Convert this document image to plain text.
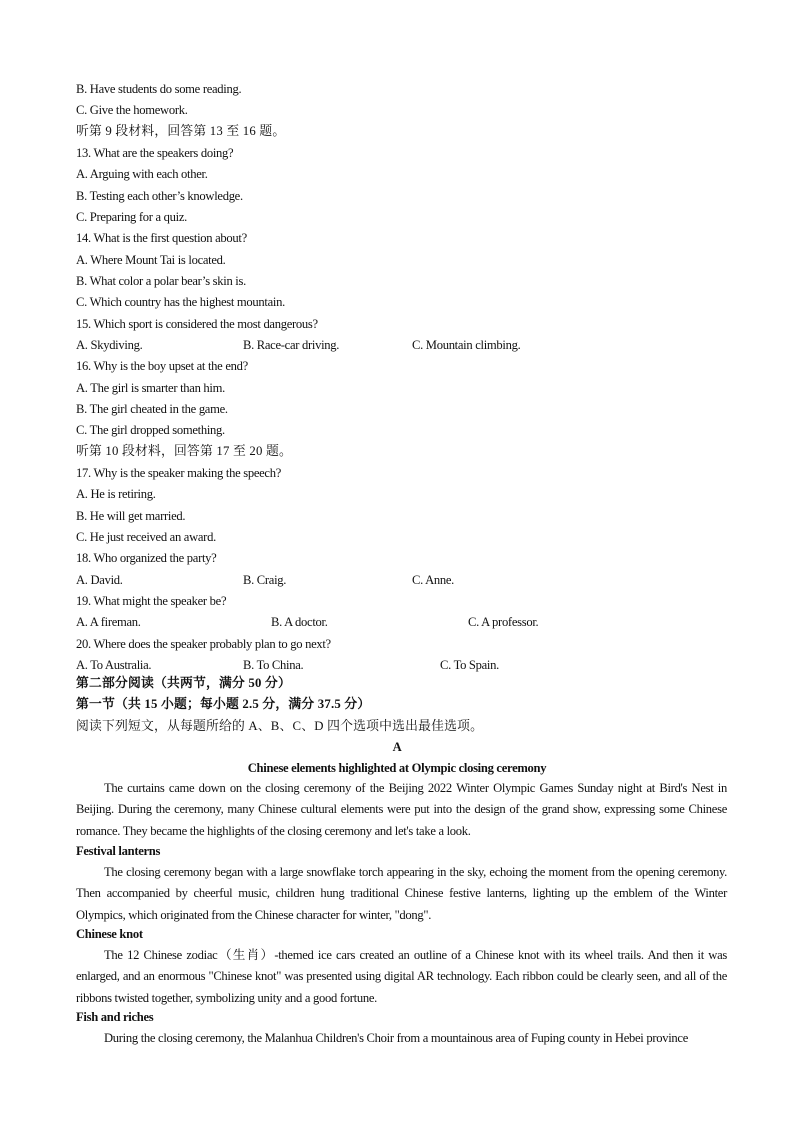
B. Have students do some reading.
C. Give the homework.
听第 9 段材料，回答第 13 至 16 题。
13. What are the speakers doing?
A. Arguing with each other.
B. Testing each other’s knowledge.
C. Preparing for a quiz.
14. What is the first question about?
A. Where Mount Tai is located.
B. What color a polar bear’s skin is.
C. Which country has the highest mountain.
15. Which sport is considered the most dangerous?
A. Skydiving.	B. Race-car driving.	C. Mountain climbing.
16. Why is the boy upset at the end?
A. The girl is smarter than him.
B. The girl cheated in the game.
C. The girl dropped something.
听第 10 段材料，回答第 17 至 20 题。
17. Why is the speaker making the speech?
A. He is retiring.
B. He will get married.
C. He just received an award.
18. Who organized the party?
A. David.	B. Craig.	C. Anne.
19. What might the speaker be?
A. A fireman.	B. A doctor.	C. A professor.
20. Where does the speaker probably plan to go next?
A. To Australia.	B. To China.	C. To Spain.
第二部分阅读（共两节，满分 50 分）
第一节（共 15 小题；每小题 2.5 分，满分 37.5 分）
阅读下列短文，从每题所给的 A、B、C、D 四个选项中选出最佳选项。
A
Chinese elements highlighted at Olympic closing ceremony

The curtains came down on the closing ceremony of the Beijing 2022 Winter Olympic Games Sunday night at Bird's Nest in Beijing. During the ceremony, many Chinese cultural elements were put into the design of the grand show, expressing some Chinese romance. They became the highlights of the closing ceremony and let's take a look.

Festival lanterns

The closing ceremony began with a large snowflake torch appearing in the sky, echoing the moment from the opening ceremony. Then accompanied by cheerful music, children hung traditional Chinese festive lanterns, lighting up the emblem of the Winter Olympics, which originated from the Chinese character for winter, "dong".

Chinese knot

The 12 Chinese zodiac（生肖）-themed ice cars created an outline of a Chinese knot with its wheel trails. And then it was enlarged, and an enormous "Chinese knot" was presented using digital AR technology. Each ribbon could be clearly seen, and all of the ribbons twisted together, symbolizing unity and a good fortune.

Fish and riches

During the closing ceremony, the Malanhua Children's Choir from a mountainous area of Fuping county in Hebei province
